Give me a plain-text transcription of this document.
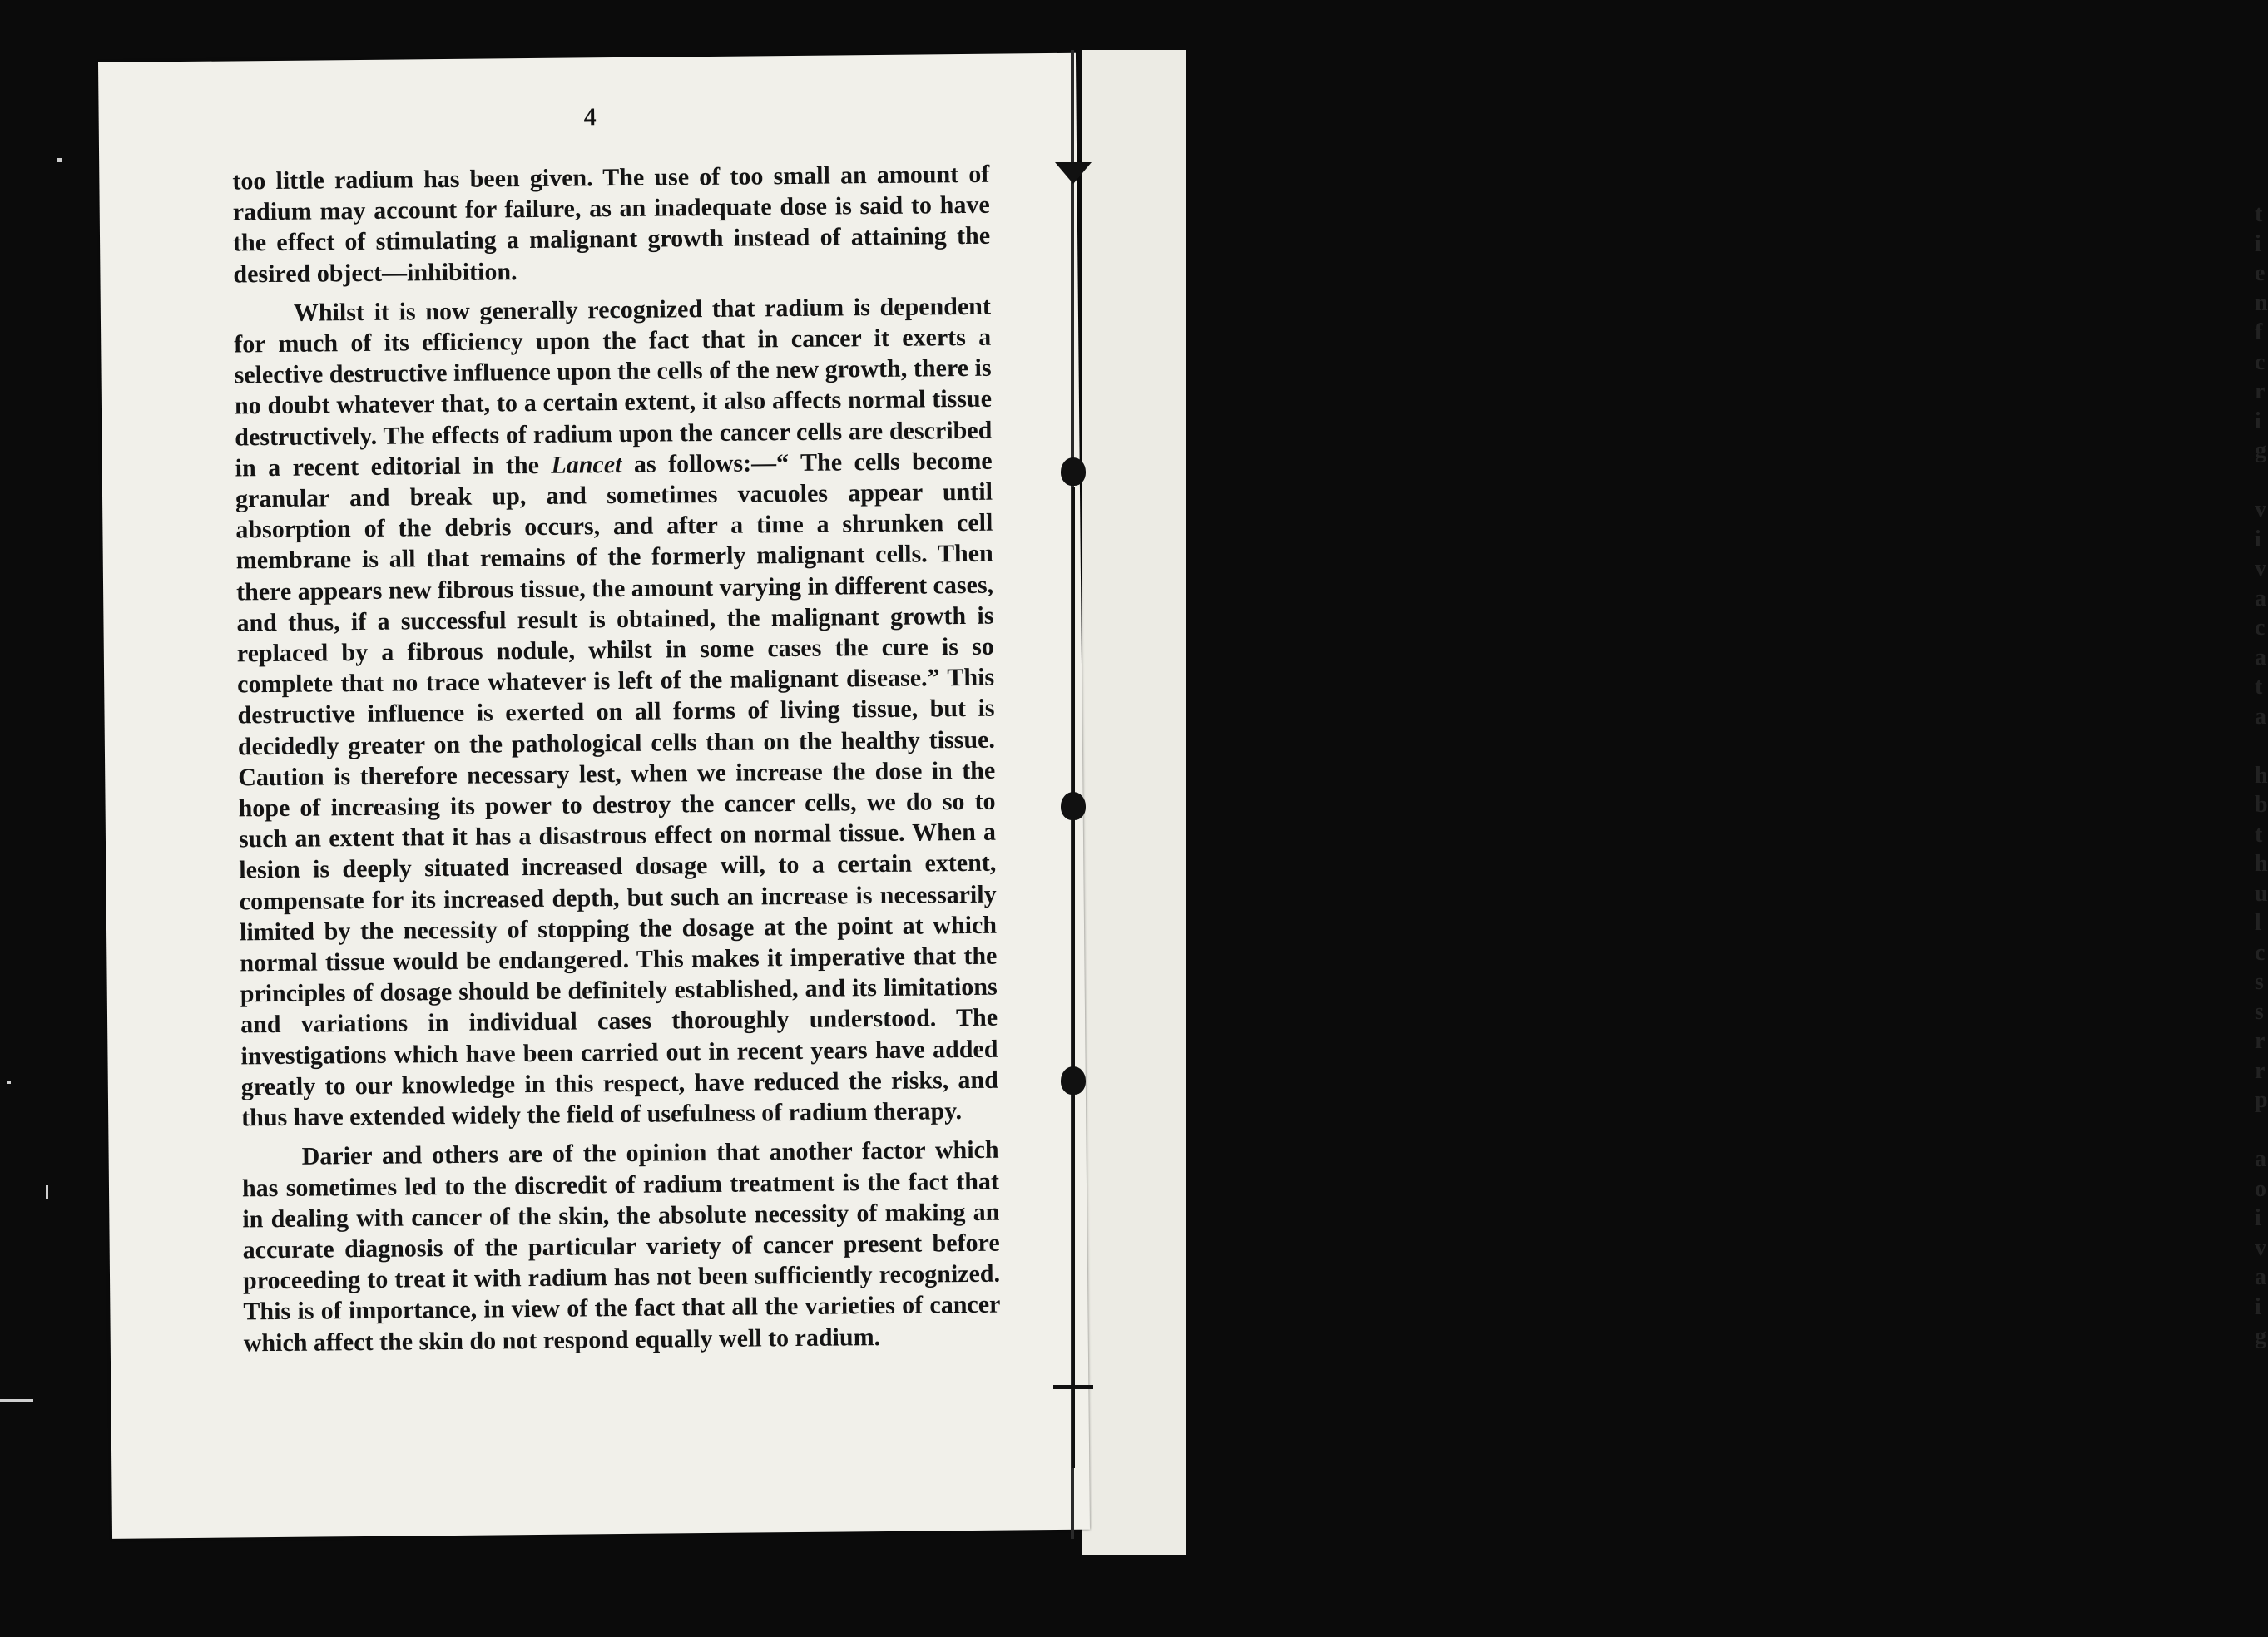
t
i
e
n
f
c
r
i
g

v
i
v
a
c
a
t
a

h
b
t
h
u
l
c
s
s
r
r
p

a
o
i
v
a
i
g
4

too little radium has been given. The use of too small an amount of radium may account for failure, as an inadequate dose is said to have the effect of stimulating a malignant growth instead of attaining the desired object—inhibition.

Whilst it is now generally recognized that radium is dependent for much of its efficiency upon the fact that in cancer it exerts a selective destructive influence upon the cells of the new growth, there is no doubt whatever that, to a certain extent, it also affects normal tissue destructively. The effects of radium upon the cancer cells are described in a recent editorial in the Lancet as follows:—“ The cells become granular and break up, and sometimes vacuoles appear until absorption of the debris occurs, and after a time a shrunken cell membrane is all that remains of the formerly malignant cells. Then there appears new fibrous tissue, the amount varying in different cases, and thus, if a successful result is obtained, the malignant growth is replaced by a fibrous nodule, whilst in some cases the cure is so complete that no trace whatever is left of the malignant disease.” This destructive influence is exerted on all forms of living tissue, but is decidedly greater on the pathological cells than on the healthy tissue. Caution is therefore necessary lest, when we increase the dose in the hope of increasing its power to destroy the cancer cells, we do so to such an extent that it has a disastrous effect on normal tissue. When a lesion is deeply situated increased dosage will, to a certain extent, compensate for its increased depth, but such an increase is necessarily limited by the necessity of stopping the dosage at the point at which normal tissue would be endangered. This makes it imperative that the principles of dosage should be definitely established, and its limitations and variations in individual cases thoroughly understood. The investigations which have been carried out in recent years have added greatly to our knowledge in this respect, have reduced the risks, and thus have extended widely the field of usefulness of radium therapy.

Darier and others are of the opinion that another factor which has sometimes led to the discredit of radium treatment is the fact that in dealing with cancer of the skin, the absolute necessity of making an accurate diagnosis of the particular variety of cancer present before proceeding to treat it with radium has not been sufficiently recognized. This is of importance, in view of the fact that all the varieties of cancer which affect the skin do not respond equally well to radium.
